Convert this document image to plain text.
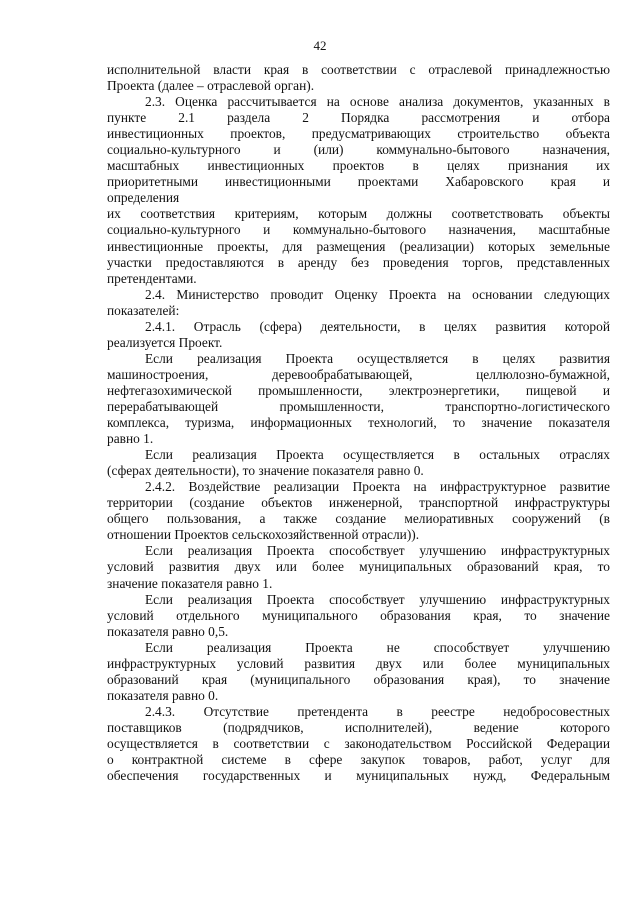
42
исполнительной власти края в соответствии с отраслевой принадлежностью
Проекта (далее – отраслевой орган).
2.3. Оценка рассчитывается на основе анализа документов, указанных в
пункте 2.1 раздела 2 Порядка рассмотрения и отбора
инвестиционных проектов, предусматривающих строительство объекта
социально-культурного и (или) коммунально-бытового назначения,
масштабных инвестиционных проектов в целях признания их
приоритетными инвестиционными проектами Хабаровского края и
определения
их соответствия критериям, которым должны соответствовать объекты
социально-культурного и коммунально-бытового назначения, масштабные
инвестиционные проекты, для размещения (реализации) которых земельные
участки предоставляются в аренду без проведения торгов, представленных
претендентами.
2.4. Министерство проводит Оценку Проекта на основании следующих
показателей:
2.4.1. Отрасль (сфера) деятельности, в целях развития которой
реализуется Проект.
Если реализация Проекта осуществляется в целях развития
машиностроения, деревообрабатывающей, целлюлозно-бумажной,
нефтегазохимической промышленности, электроэнергетики, пищевой и
перерабатывающей промышленности, транспортно-логистического
комплекса, туризма, информационных технологий, то значение показателя
равно 1.
Если реализация Проекта осуществляется в остальных отраслях
(сферах деятельности), то значение показателя равно 0.
2.4.2. Воздействие реализации Проекта на инфраструктурное развитие
территории (создание объектов инженерной, транспортной инфраструктуры
общего пользования, а также создание мелиоративных сооружений (в
отношении Проектов сельскохозяйственной отрасли)).
Если реализация Проекта способствует улучшению инфраструктурных
условий развития двух или более муниципальных образований края, то
значение показателя равно 1.
Если реализация Проекта способствует улучшению инфраструктурных
условий отдельного муниципального образования края, то значение
показателя равно 0,5.
Если реализация Проекта не способствует улучшению
инфраструктурных условий развития двух или более муниципальных
образований края (муниципального образования края), то значение
показателя равно 0.
2.4.3. Отсутствие претендента в реестре недобросовестных
поставщиков (подрядчиков, исполнителей), ведение которого
осуществляется в соответствии с законодательством Российской Федерации
о контрактной системе в сфере закупок товаров, работ, услуг для
обеспечения государственных и муниципальных нужд, Федеральным
